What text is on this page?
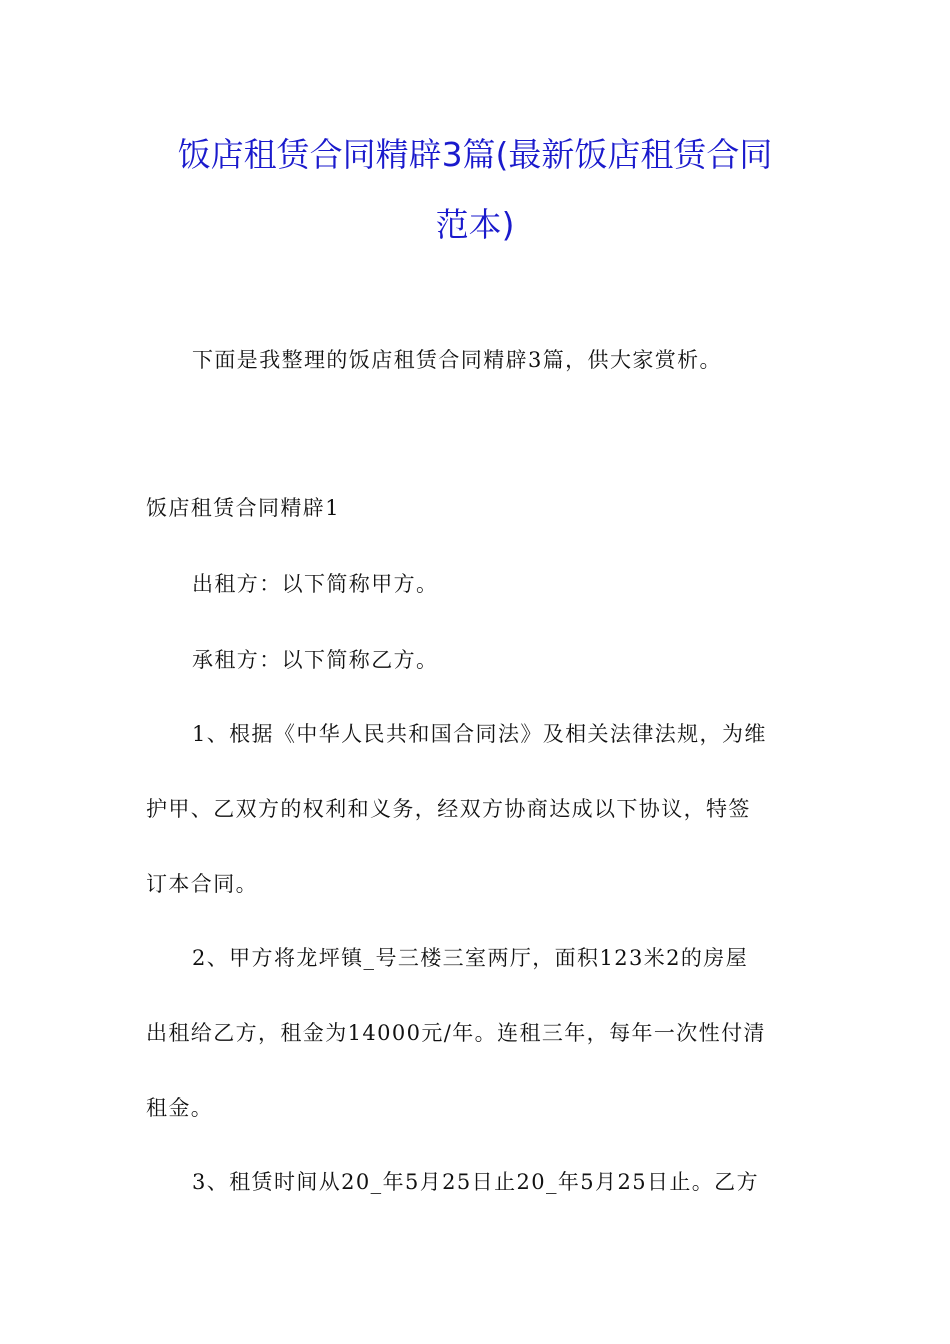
饭店租赁合同精辟3篇(最新饭店租赁合同
范本)
下面是我整理的饭店租赁合同精辟3篇，供大家赏析。
饭店租赁合同精辟1
出租方：以下简称甲方。
承租方：以下简称乙方。
1、根据《中华人民共和国合同法》及相关法律法规，为维
护甲、乙双方的权利和义务，经双方协商达成以下协议，特签
订本合同。
2、甲方将龙坪镇_号三楼三室两厅，面积123米2的房屋
出租给乙方，租金为14000元/年。连租三年，每年一次性付清
租金。
3、租赁时间从20_年5月25日止20_年5月25日止。乙方
